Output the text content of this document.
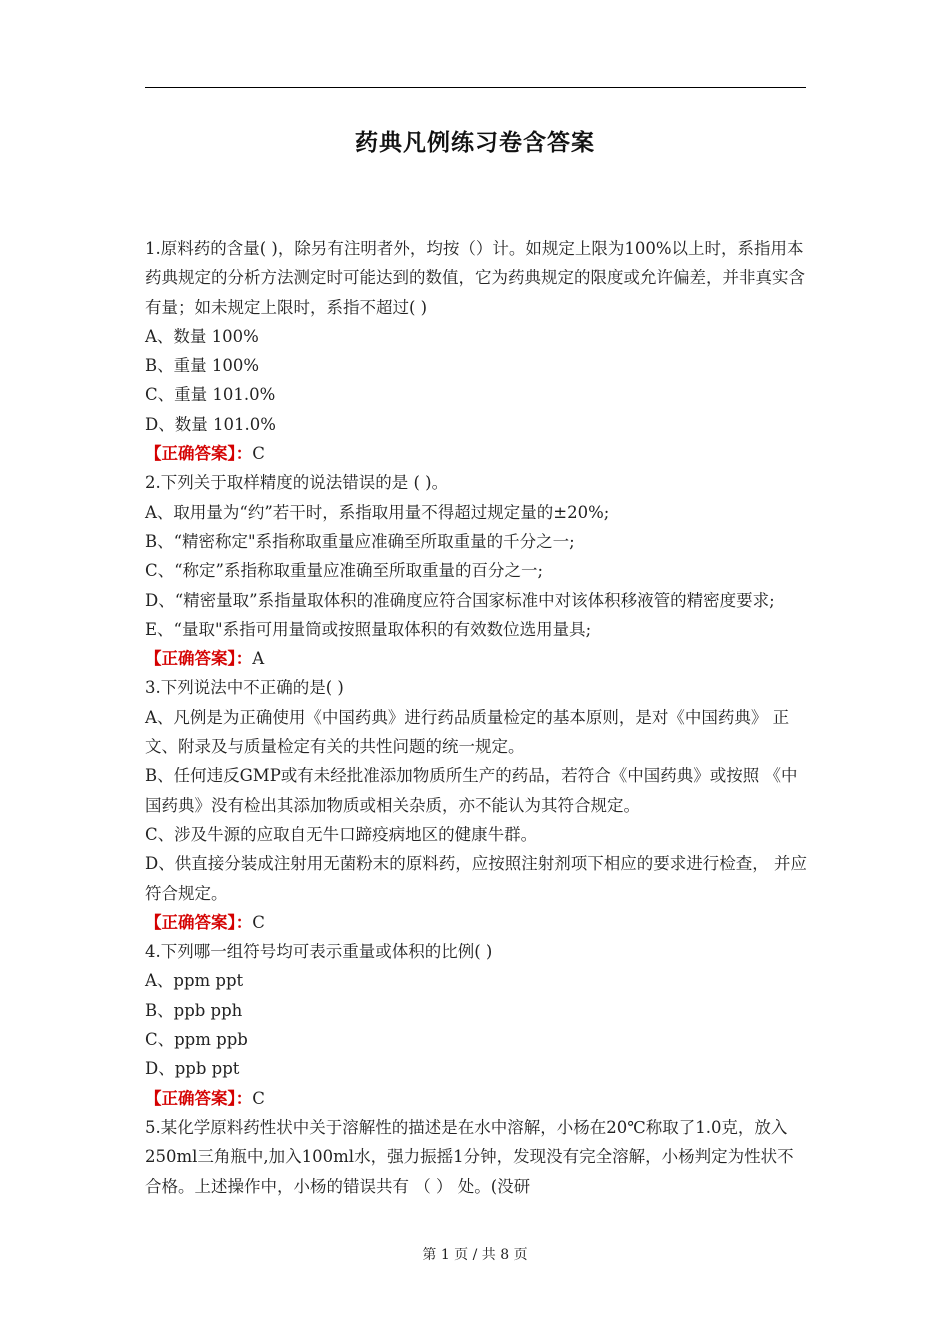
药典凡例练习卷含答案
1.原料药的含量( )，除另有注明者外，均按（）计。如规定上限为100%以上时，系指用本药典规定的分析方法测定时可能达到的数值，它为药典规定的限度或允许偏差，并非真实含有量；如未规定上限时，系指不超过( )
A、数量 100%
B、重量 100%
C、重量 101.0%
D、数量 101.0%
【正确答案】：C
2.下列关于取样精度的说法错误的是 ( )。
A、取用量为“约”若干时，系指取用量不得超过规定量的±20%;
B、“精密称定"系指称取重量应准确至所取重量的千分之一;
C、“称定”系指称取重量应准确至所取重量的百分之一;
D、“精密量取”系指量取体积的准确度应符合国家标准中对该体积移液管的精密度要求;
E、“量取"系指可用量筒或按照量取体积的有效数位选用量具;
【正确答案】：A
3.下列说法中不正确的是( )
A、凡例是为正确使用《中国药典》进行药品质量检定的基本原则，是对《中国药典》 正文、附录及与质量检定有关的共性问题的统一规定。
B、任何违反GMP或有未经批准添加物质所生产的药品，若符合《中国药典》或按照 《中国药典》没有检出其添加物质或相关杂质，亦不能认为其符合规定。
C、涉及牛源的应取自无牛口蹄疫病地区的健康牛群。
D、供直接分装成注射用无菌粉末的原料药，应按照注射剂项下相应的要求进行检查， 并应符合规定。
【正确答案】：C
4.下列哪一组符号均可表示重量或体积的比例( )
A、ppm ppt
B、ppb pph
C、ppm ppb
D、ppb ppt
【正确答案】：C
5.某化学原料药性状中关于溶解性的描述是在水中溶解，小杨在20℃称取了1.0克，放入250ml三角瓶中,加入100ml水，强力振摇1分钟，发现没有完全溶解，小杨判定为性状不合格。上述操作中，小杨的错误共有 （ ） 处。(没研
第 1 页 / 共 8 页
